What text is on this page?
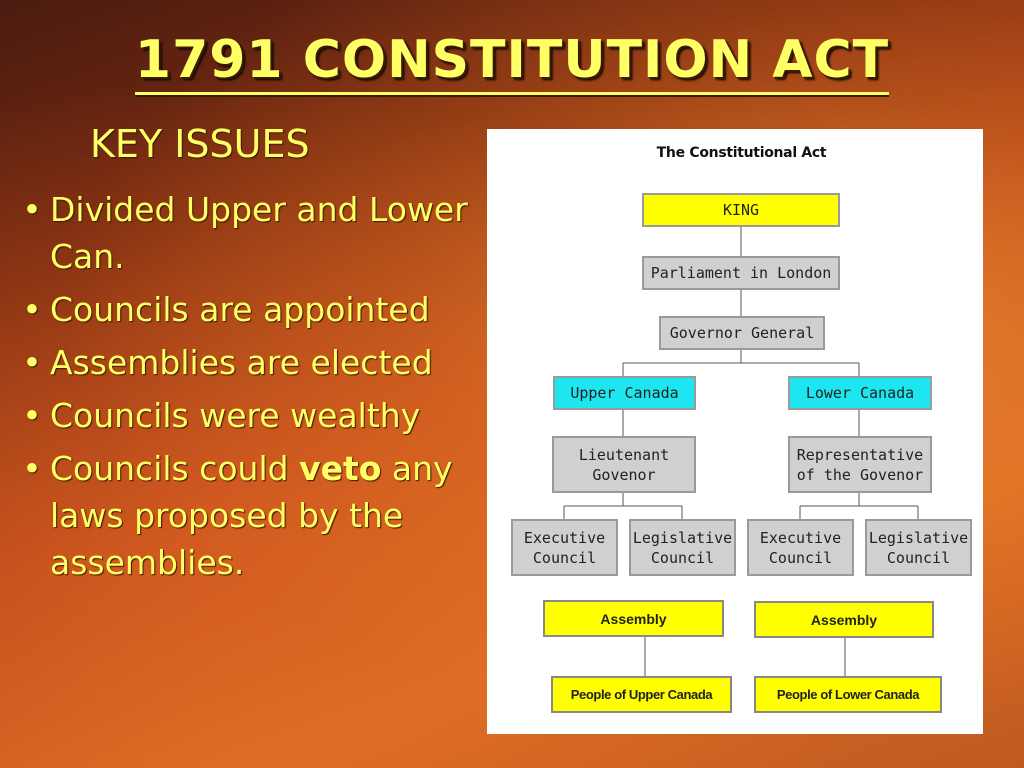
1791 CONSTITUTION ACT
KEY ISSUES
• Divided Upper and Lower Can.
• Councils are appointed
• Assemblies are elected
• Councils were wealthy
• Councils could veto any laws proposed by the assemblies.
The Constitutional Act
KING
Parliament in London
Governor General
Upper Canada	Lower Canada
Lieutenant Govenor
Representative of the Govenor
Executive Council
Legislative Council
Executive Council
Legislative Council
Assembly	Assembly
People of Upper Canada	People of Lower Canada
